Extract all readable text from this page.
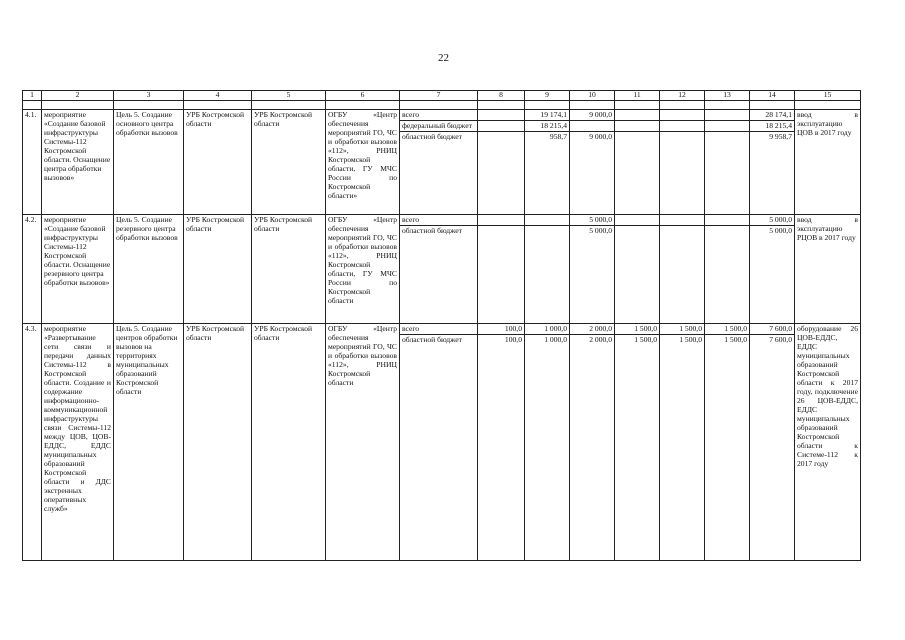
22
1	2	3	4	5	6	7	8	9	10	11	12	13	14	15

4.1.	мероприятие «Создание базовой инфраструктуры Системы-112 Костромской области. Оснащение центра обработки вызовов»	Цель 5. Создание основного центра обработки вызовов	УРБ Костромской области	УРБ Костромской области	ОГБУ «Центр обеспечения мероприятий ГО, ЧС и обработки вызовов «112», РНИЦ Костромской области, ГУ МЧС России по Костромской области»	всего		19 174,1	9 000,0				28 174,1	ввод в эксплуатацию ЦОВ в 2017 году
						федеральный бюджет		18 215,4					18 215,4	
						областной бюджет		958,7	9 000,0				9 958,7	
4.2.	мероприятие «Создание базовой инфраструктуры Системы-112 Костромской области. Оснащение резервного центра обработки вызовов»	Цель 5. Создание резервного центра обработки вызовов	УРБ Костромской области	УРБ Костромской области	ОГБУ «Центр обеспечения мероприятий ГО, ЧС и обработки вызовов «112», РНИЦ Костромской области, ГУ МЧС России по Костромской области	всего			5 000,0				5 000,0	ввод в эксплуатацию РЦОВ в 2017 году
						областной бюджет			5 000,0				5 000,0	
4.3.	мероприятие «Развертывание сети связи и передачи данных Системы-112 в Костромской области. Создание и содержание информационно-коммуникационной инфраструктуры связи Системы-112 между ЦОВ, ЦОВ-ЕДДС, ЕДДС муниципальных образований Костромской области и ДДС экстренных оперативных служб»	Цель 5. Создание центров обработки вызовов на территориях муниципальных образований Костромской области	УРБ Костромской области	УРБ Костромской области	ОГБУ «Центр обеспечения мероприятий ГО, ЧС и обработки вызовов «112», РНИЦ Костромской области	всего	100,0	1 000,0	2 000,0	1 500,0	1 500,0	1 500,0	7 600,0	оборудование 26 ЦОВ-ЕДДС, ЕДДС муниципальных образований Костромской области к 2017 году, подключение 26 ЦОВ-ЕДДС, ЕДДС муниципальных образований Костромской области к Системе-112 к 2017 году
						областной бюджет	100,0	1 000,0	2 000,0	1 500,0	1 500,0	1 500,0	7 600,0	
